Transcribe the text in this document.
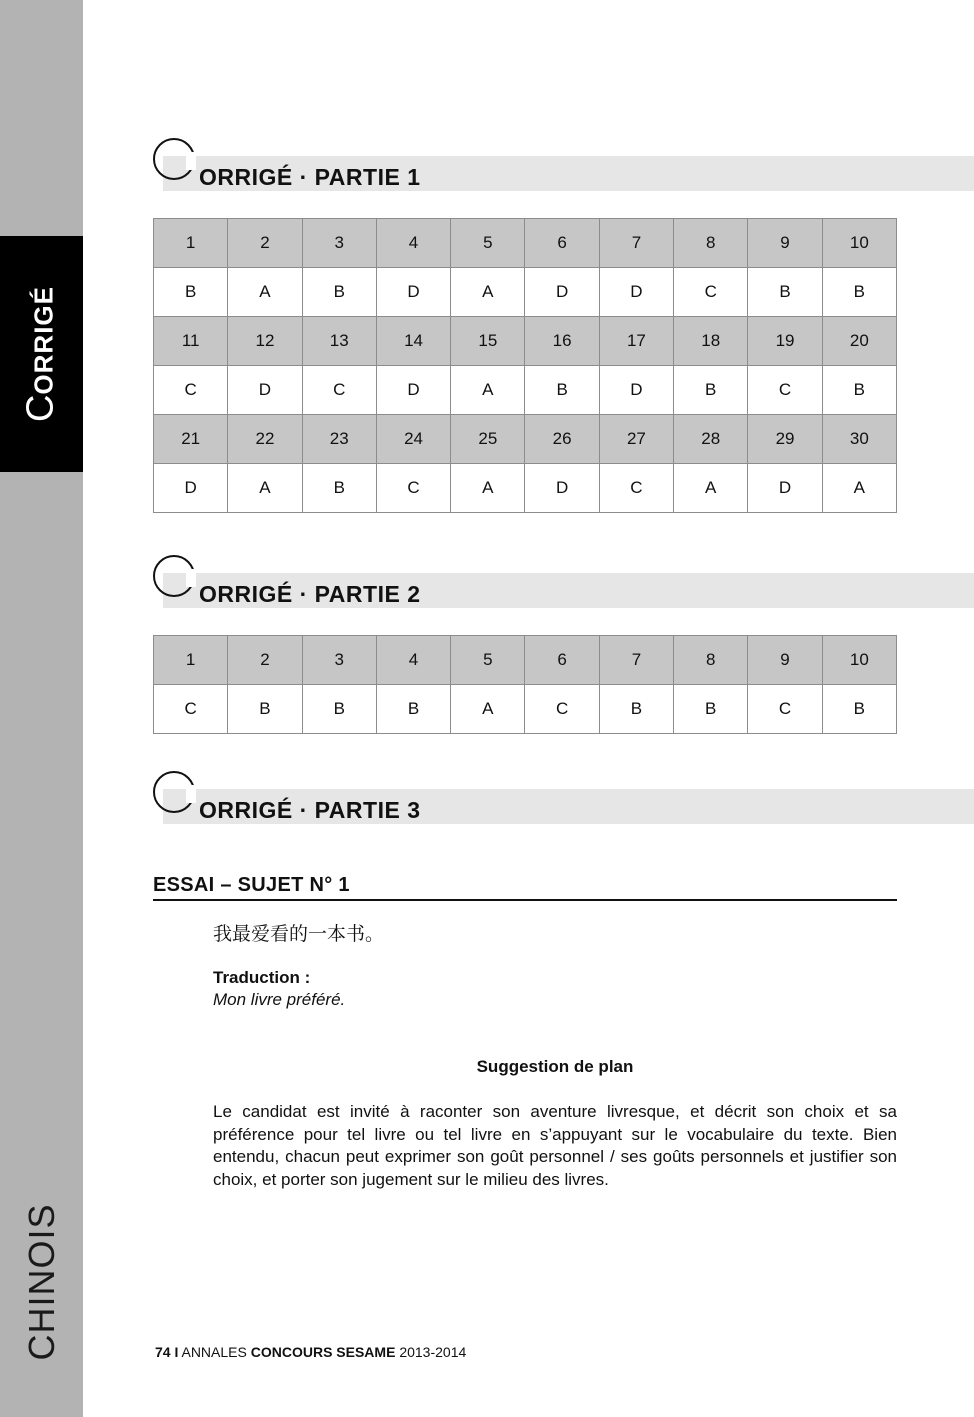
CORRIGÉ
CHINOIS
ORRIGÉ · PARTIE 1
1	2	3	4	5	6	7	8	9	10
B	A	B	D	A	D	D	C	B	B
11	12	13	14	15	16	17	18	19	20
C	D	C	D	A	B	D	B	C	B
21	22	23	24	25	26	27	28	29	30
D	A	B	C	A	D	C	A	D	A
ORRIGÉ · PARTIE 2
1	2	3	4	5	6	7	8	9	10
C	B	B	B	A	C	B	B	C	B
ORRIGÉ · PARTIE 3
ESSAI – SUJET N° 1
我最爱看的一本书。
Traduction :
Mon livre préféré.
Suggestion de plan
Le candidat est invité à raconter son aventure livresque, et décrit son choix et sa préférence pour tel livre ou tel livre en s’appuyant sur le vocabulaire du texte. Bien entendu, chacun peut exprimer son goût personnel / ses goûts personnels et justifier son choix, et porter son jugement sur le milieu des livres.
74 I ANNALES CONCOURS SESAME 2013-2014
